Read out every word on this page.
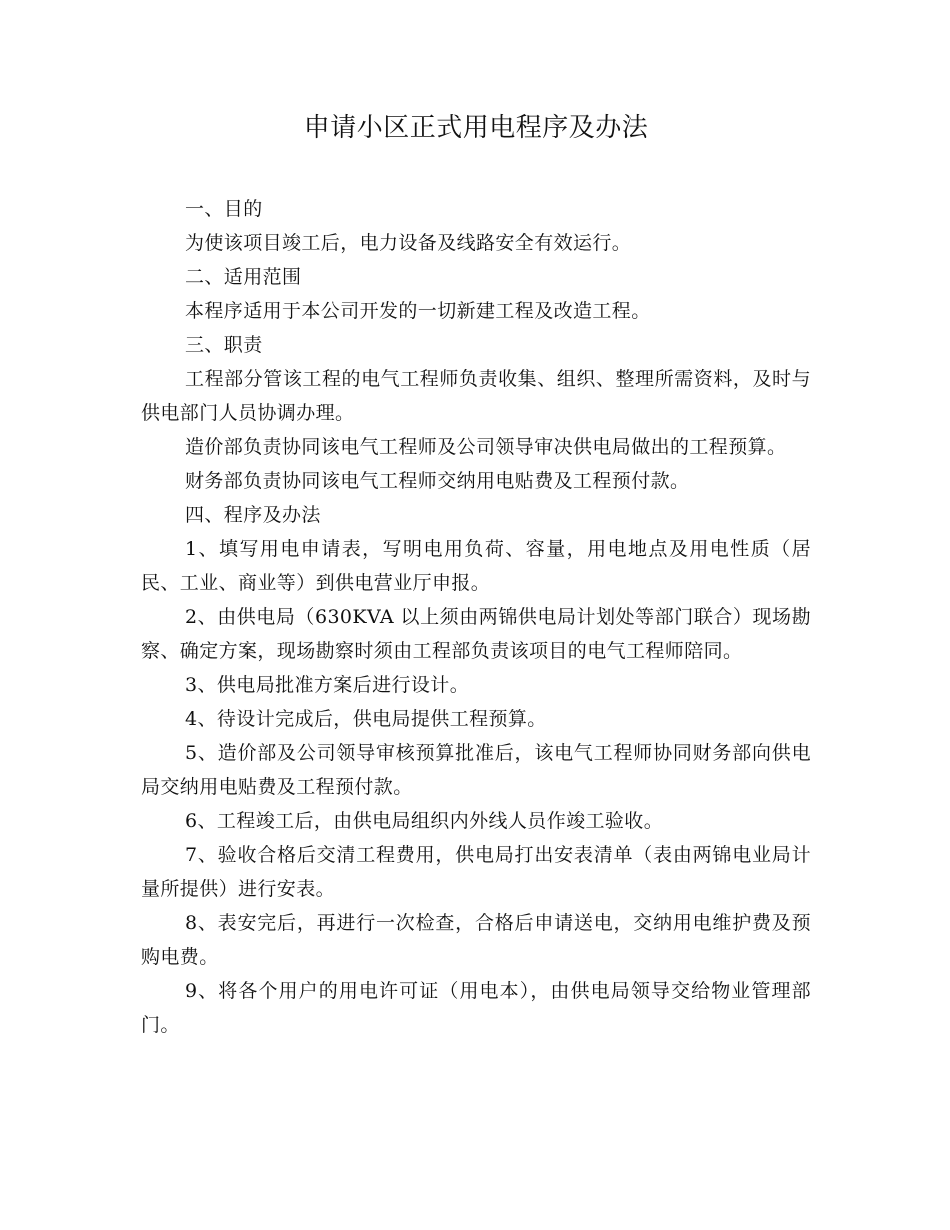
申请小区正式用电程序及办法

一、目的

为使该项目竣工后，电力设备及线路安全有效运行。

二、适用范围

本程序适用于本公司开发的一切新建工程及改造工程。

三、职责

工程部分管该工程的电气工程师负责收集、组织、整理所需资料，及时与供电部门人员协调办理。

造价部负责协同该电气工程师及公司领导审决供电局做出的工程预算。

财务部负责协同该电气工程师交纳用电贴费及工程预付款。

四、程序及办法

1、填写用电申请表，写明电用负荷、容量，用电地点及用电性质（居民、工业、商业等）到供电营业厅申报。

2、由供电局（630KVA 以上须由两锦供电局计划处等部门联合）现场勘察、确定方案，现场勘察时须由工程部负责该项目的电气工程师陪同。

3、供电局批准方案后进行设计。

4、待设计完成后，供电局提供工程预算。

5、造价部及公司领导审核预算批准后，该电气工程师协同财务部向供电局交纳用电贴费及工程预付款。

6、工程竣工后，由供电局组织内外线人员作竣工验收。

7、验收合格后交清工程费用，供电局打出安表清单（表由两锦电业局计量所提供）进行安表。

8、表安完后，再进行一次检查，合格后申请送电，交纳用电维护费及预购电费。

9、将各个用户的用电许可证（用电本），由供电局领导交给物业管理部门。
